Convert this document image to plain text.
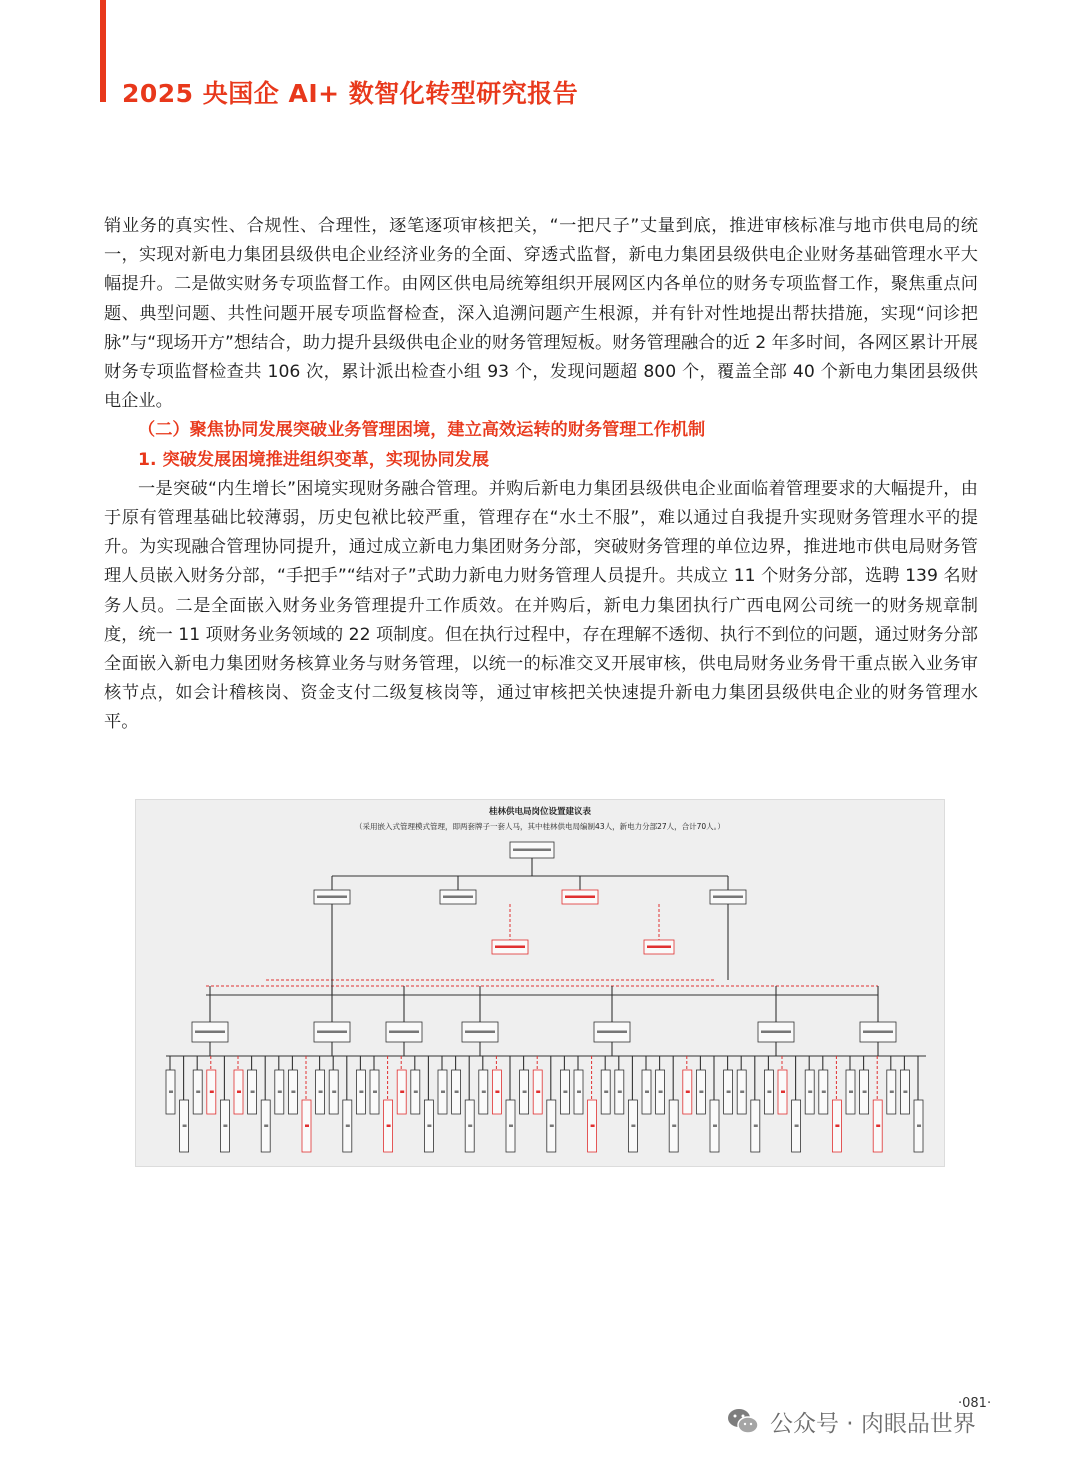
2025 央国企 AI+ 数智化转型研究报告

销业务的真实性、合规性、合理性，逐笔逐项审核把关，“一把尺子”丈量到底，推进审核标准与地市供电局的统一，实现对新电力集团县级供电企业经济业务的全面、穿透式监督，新电力集团县级供电企业财务基础管理水平大幅提升。二是做实财务专项监督工作。由网区供电局统筹组织开展网区内各单位的财务专项监督工作，聚焦重点问题、典型问题、共性问题开展专项监督检查，深入追溯问题产生根源，并有针对性地提出帮扶措施，实现“问诊把脉”与“现场开方”想结合，助力提升县级供电企业的财务管理短板。财务管理融合的近 2 年多时间，各网区累计开展财务专项监督检查共 106 次，累计派出检查小组 93 个，发现问题超 800 个，覆盖全部 40 个新电力集团县级供电企业。

（二）聚焦协同发展突破业务管理困境，建立高效运转的财务管理工作机制

1. 突破发展困境推进组织变革，实现协同发展

一是突破“内生增长”困境实现财务融合管理。并购后新电力集团县级供电企业面临着管理要求的大幅提升，由于原有管理基础比较薄弱，历史包袱比较严重，管理存在“水土不服”，难以通过自我提升实现财务管理水平的提升。为实现融合管理协同提升，通过成立新电力集团财务分部，突破财务管理的单位边界，推进地市供电局财务管理人员嵌入财务分部，“手把手”“结对子”式助力新电力财务管理人员提升。共成立 11 个财务分部，选聘 139 名财务人员。二是全面嵌入财务业务管理提升工作质效。在并购后，新电力集团执行广西电网公司统一的财务规章制度，统一 11 项财务业务领域的 22 项制度。但在执行过程中，存在理解不透彻、执行不到位的问题，通过财务分部全面嵌入新电力集团财务核算业务与财务管理，以统一的标准交叉开展审核，供电局财务业务骨干重点嵌入业务审核节点，如会计稽核岗、资金支付二级复核岗等，通过审核把关快速提升新电力集团县级供电企业的财务管理水平。

桂林供电局岗位设置建议表
（采用嵌入式管理模式管理，即两套牌子一套人马，其中桂林供电局编制43人，新电力分部27人，合计70人。）
·081·
公众号 · 肉眼品世界
